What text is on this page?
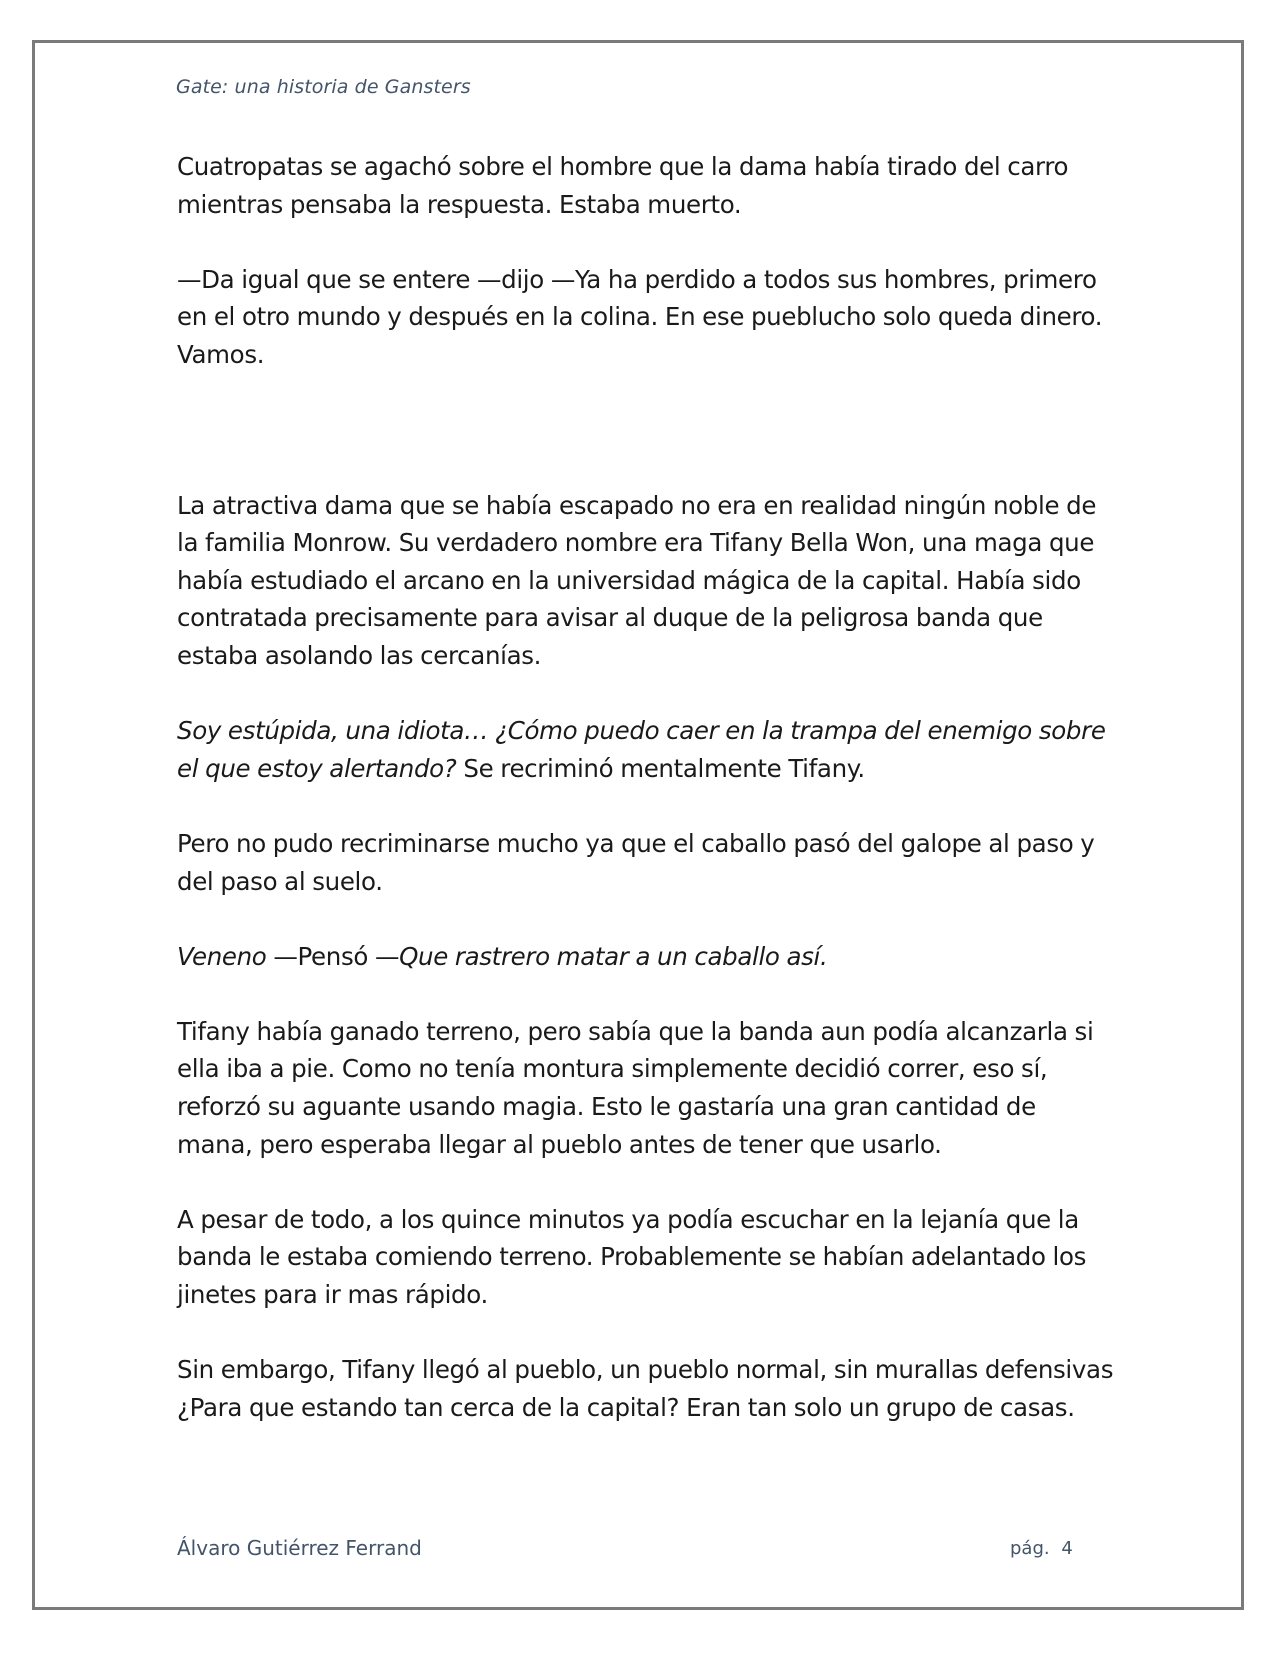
Gate: una historia de Gansters

Cuatropatas se agachó sobre el hombre que la dama había tirado del carro mientras pensaba la respuesta. Estaba muerto.

—Da igual que se entere —dijo —Ya ha perdido a todos sus hombres, primero en el otro mundo y después en la colina. En ese pueblucho solo queda dinero. Vamos.

La atractiva dama que se había escapado no era en realidad ningún noble de la familia Monrow. Su verdadero nombre era Tifany Bella Won, una maga que había estudiado el arcano en la universidad mágica de la capital. Había sido contratada precisamente para avisar al duque de la peligrosa banda que estaba asolando las cercanías.

Soy estúpida, una idiota… ¿Cómo puedo caer en la trampa del enemigo sobre el que estoy alertando? Se recriminó mentalmente Tifany.

Pero no pudo recriminarse mucho ya que el caballo pasó del galope al paso y del paso al suelo.

Veneno —Pensó —Que rastrero matar a un caballo así.

Tifany había ganado terreno, pero sabía que la banda aun podía alcanzarla si ella iba a pie. Como no tenía montura simplemente decidió correr, eso sí, reforzó su aguante usando magia. Esto le gastaría una gran cantidad de mana, pero esperaba llegar al pueblo antes de tener que usarlo.

A pesar de todo, a los quince minutos ya podía escuchar en la lejanía que la banda le estaba comiendo terreno. Probablemente se habían adelantado los jinetes para ir mas rápido.

Sin embargo, Tifany llegó al pueblo, un pueblo normal, sin murallas defensivas ¿Para que estando tan cerca de la capital? Eran tan solo un grupo de casas.

Álvaro Gutiérrez Ferrand	pág. 4
